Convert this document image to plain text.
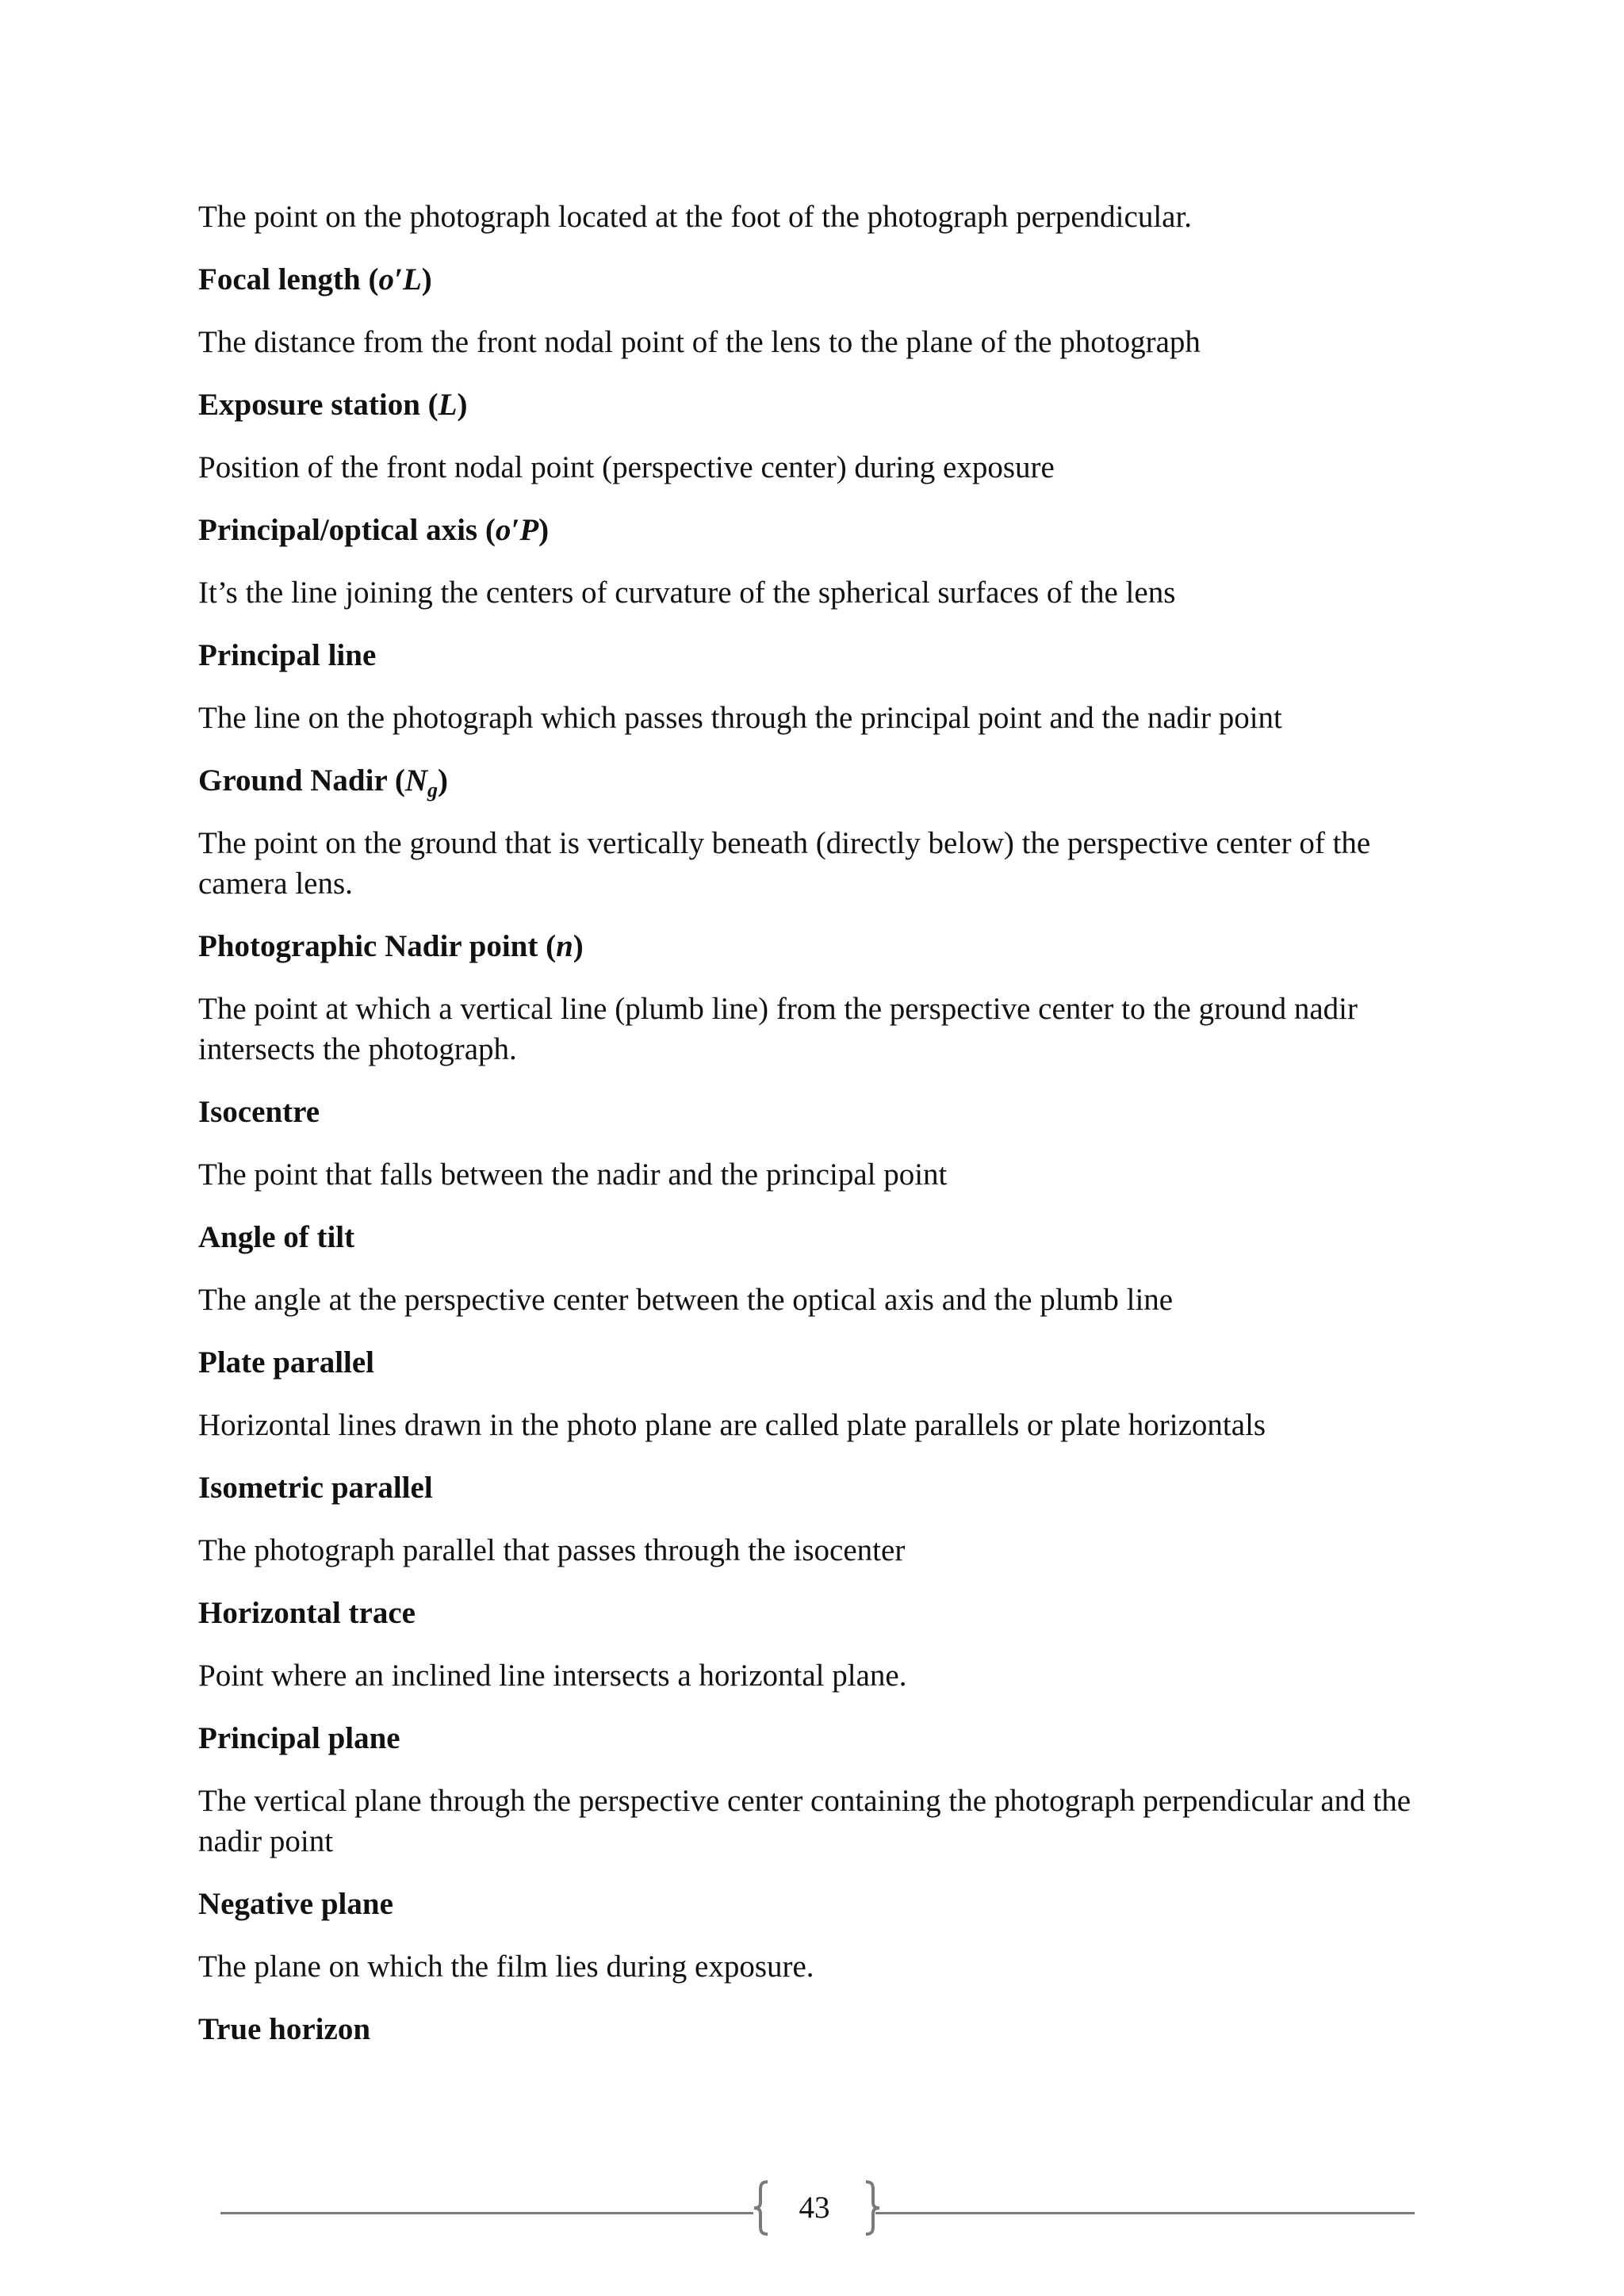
The point on the photograph located at the foot of the photograph perpendicular.

Focal length (o′L)

The distance from the front nodal point of the lens to the plane of the photograph

Exposure station (L)

Position of the front nodal point (perspective center) during exposure

Principal/optical axis (o′P)

It’s the line joining the centers of curvature of the spherical surfaces of the lens

Principal line

The line on the photograph which passes through the principal point and the nadir point

Ground Nadir $(N_g)$

The point on the ground that is vertically beneath (directly below) the perspective center of the camera lens.

Photographic Nadir point (n)

The point at which a vertical line (plumb line) from the perspective center to the ground nadir intersects the photograph.

Isocentre

The point that falls between the nadir and the principal point

Angle of tilt

The angle at the perspective center between the optical axis and the plumb line

Plate parallel

Horizontal lines drawn in the photo plane are called plate parallels or plate horizontals

Isometric parallel

The photograph parallel that passes through the isocenter

Horizontal trace

Point where an inclined line intersects a horizontal plane.

Principal plane

The vertical plane through the perspective center containing the photograph perpendicular and the nadir point

Negative plane

The plane on which the film lies during exposure.

True horizon

43
